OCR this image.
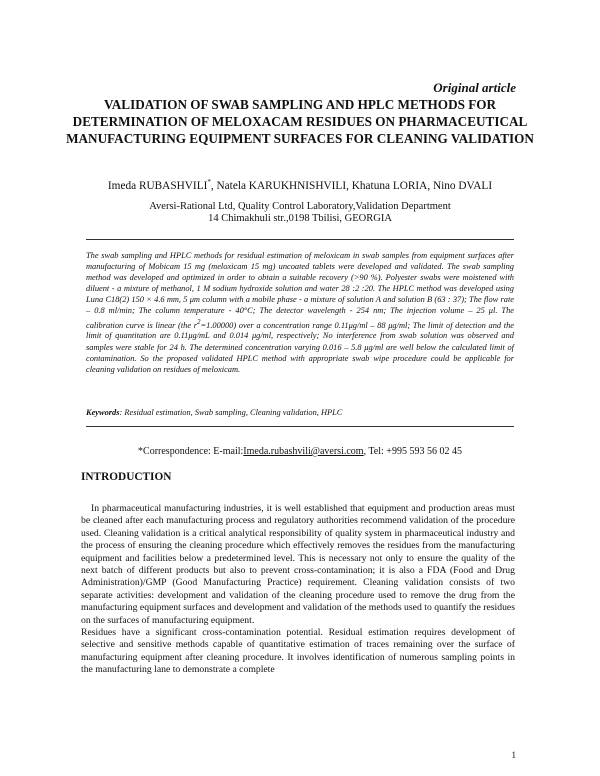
Original article
VALIDATION OF SWAB SAMPLING AND HPLC METHODS FOR DETERMINATION OF MELOXACAM RESIDUES ON PHARMACEUTICAL MANUFACTURING EQUIPMENT SURFACES FOR CLEANING VALIDATION
Imeda RUBASHVILI*, Natela KARUKHNISHVILI, Khatuna LORIA, Nino DVALI
Aversi-Rational Ltd, Quality Control Laboratory,Validation Department
14 Chimakhuli str.,0198 Tbilisi, GEORGIA
The swab sampling and HPLC methods for residual estimation of meloxicam in swab samples from equipment surfaces after manufacturing of Mobicam 15 mg (meloxicam 15 mg) uncoated tablets were developed and validated. The swab sampling method was developed and optimized in order to obtain a suitable recovery (>90 %). Polyester swabs were moistened with diluent - a mixture of methanol, 1 M sodium hydroxide solution and water 28 :2 :20. The HPLC method was developed using Luna C18(2) 150 × 4.6 mm, 5 μm column with a mobile phase - a mixture of solution A and solution B (63 : 37); The flow rate – 0.8 ml/min; The column temperature - 40°C; The detector wavelength - 254 nm; The injection volume – 25 μl. The calibration curve is linear (the $r^2=1.00000$) over a concentration range 0.11μg/ml – 88 μg/ml; The limit of detection and the limit of quantitation are 0.11μg/mL and 0.014 μg/ml, respectively; No interference from swab solution was observed and samples were stable for 24 h. The determined concentration varying 0.016 – 5.8 μg/ml are well below the calculated limit of contamination. So the proposed validated HPLC method with appropriate swab wipe procedure could be applicable for cleaning validation on residues of meloxicam.
Keywords: Residual estimation, Swab sampling, Cleaning validation, HPLC
*Correspondence: E-mail:Imeda.rubashvili@aversi.com, Tel: +995 593 56 02 45
INTRODUCTION

In pharmaceutical manufacturing industries, it is well established that equipment and production areas must be cleaned after each manufacturing process and regulatory authorities recommend validation of the procedure used. Cleaning validation is a critical analytical responsibility of quality system in pharmaceutical industry and the process of ensuring the cleaning procedure which effectively removes the residues from the manufacturing equipment and facilities below a predetermined level. This is necessary not only to ensure the quality of the next batch of different products but also to prevent cross-contamination; it is also a FDA (Food and Drug Administration)/GMP (Good Manufacturing Practice) requirement. Cleaning validation consists of two separate activities: development and validation of the cleaning procedure used to remove the drug from the manufacturing equipment surfaces and development and validation of the methods used to quantify the residues on the surfaces of manufacturing equipment.

Residues have a significant cross-contamination potential. Residual estimation requires development of selective and sensitive methods capable of quantitative estimation of traces remaining over the surface of manufacturing equipment after cleaning procedure. It involves identification of numerous sampling points in the manufacturing lane to demonstrate a complete

1
